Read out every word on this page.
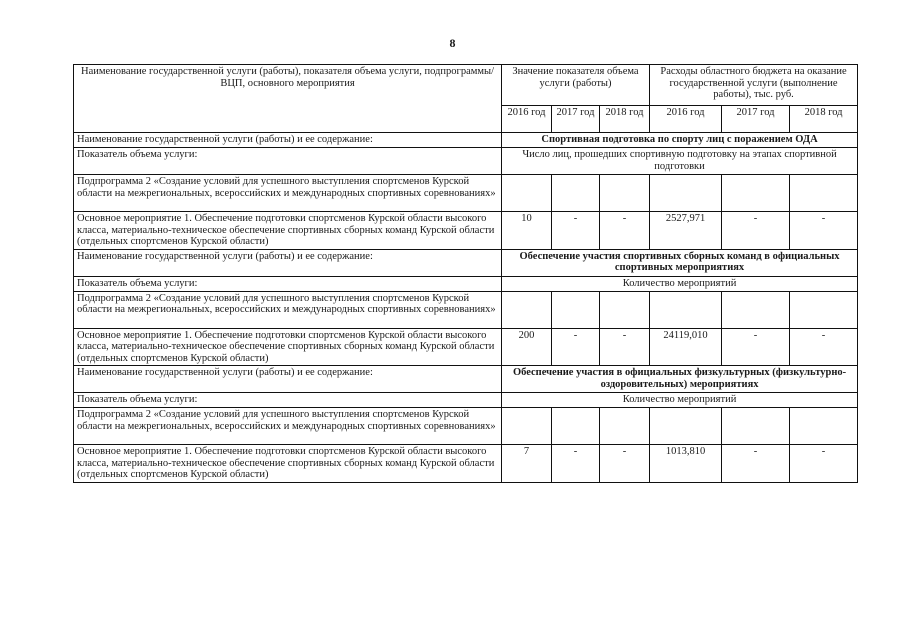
8
Наименование государственной услуги (работы), показателя объема услуги, подпрограммы/ВЦП, основного мероприятия	Значение показателя объема услуги (работы)			Расходы областного бюджета на оказание государственной услуги (выполнение работы), тыс. руб.		
	2016 год	2017 год	2018 год	2016 год	2017 год	2018 год
Наименование государственной услуги (работы) и ее содержание:	Спортивная подготовка по спорту лиц с поражением ОДА					
Показатель объема услуги:	Число лиц, прошедших спортивную подготовку на этапах спортивной подготовки					
Подпрограмма 2 «Создание условий для успешного выступления спортсменов Курской области на межрегиональных, всероссийских и международных спортивных соревнованиях»						
Основное мероприятие 1. Обеспечение подготовки спортсменов Курской области высокого класса, материально-техническое обеспечение спортивных сборных команд Курской области (отдельных спортсменов Курской области)	10	-	-	2527,971	-	-
Наименование государственной услуги (работы) и ее содержание:	Обеспечение участия спортивных сборных команд в официальных спортивных мероприятиях					
Показатель объема услуги:	Количество мероприятий					
Подпрограмма 2 «Создание условий для успешного выступления спортсменов Курской области на межрегиональных, всероссийских и международных спортивных соревнованиях»						
Основное мероприятие 1. Обеспечение подготовки спортсменов Курской области высокого класса, материально-техническое обеспечение спортивных сборных команд Курской области (отдельных спортсменов Курской области)	200	-	-	24119,010	-	-
Наименование государственной услуги (работы) и ее содержание:	Обеспечение участия в официальных физкультурных (физкультурно-оздоровительных) мероприятиях					
Показатель объема услуги:	Количество мероприятий					
Подпрограмма 2 «Создание условий для успешного выступления спортсменов Курской области на межрегиональных, всероссийских и международных спортивных соревнованиях»						
Основное мероприятие 1. Обеспечение подготовки спортсменов Курской области высокого класса, материально-техническое обеспечение спортивных сборных команд Курской области (отдельных спортсменов Курской области)	7	-	-	1013,810	-	-
